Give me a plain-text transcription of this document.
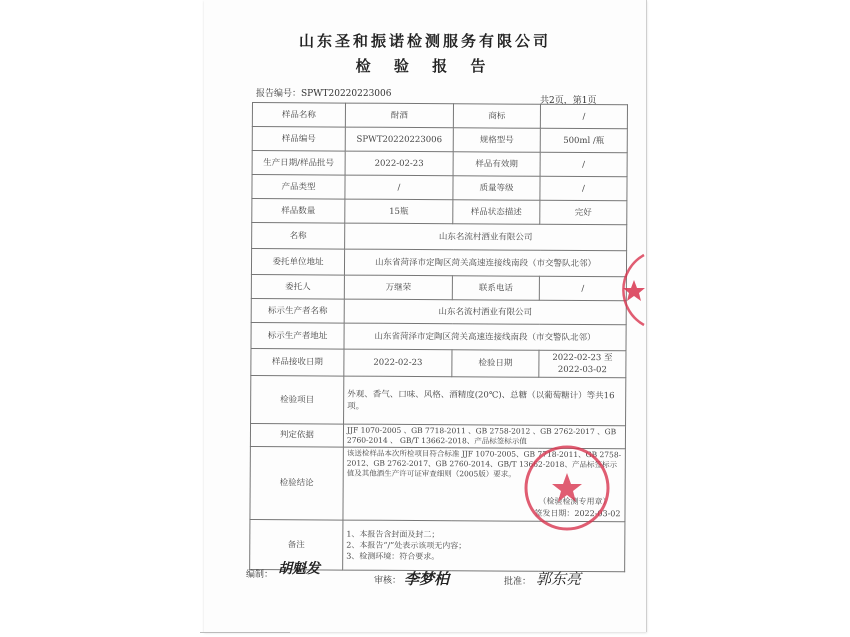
山东圣和振诺检测服务有限公司
检 验 报 告
报告编号：SPWT20220223006
共2页，第1页
样品名称	酎酒	商标	/
样品编号	SPWT20220223006	规格型号	500ml /瓶
生产日期/样品批号	2022-02-23	样品有效期	/
产品类型	/	质量等级	/
样品数量	15瓶	样品状态描述	完好
名称	山东名流村酒业有限公司		
委托单位地址	山东省菏泽市定陶区菏关高速连接线南段（市交警队北邻）		
委托人	万继荣	联系电话	/
标示生产者名称	山东名流村酒业有限公司		
标示生产者地址	山东省菏泽市定陶区菏关高速连接线南段（市交警队北邻）		
样品接收日期	2022-02-23	检验日期	2022-02-23 至 2022-03-02
检验项目	外观、香气、口味、风格、酒精度(20℃)、总糖（以葡萄糖计）等共16项。		
判定依据	JJF 1070-2005 、GB 7718-2011 、GB 2758-2012 、GB 2762-2017 、GB 2760-2014 、 GB/T 13662-2018、产品标签标示值		
检验结论	该送检样品本次所检项目符合标准 JJF 1070-2005、GB 7718-2011、GB 2758-2012、GB 2762-2017、GB 2760-2014、GB/T 13662-2018、产品标签标示值及其他酒生产许可证审查细则（2005版）要求。
（检验检测专用章）
签发日期：2022-03-02		

备注	1、本报告含封面及封二；
2、本报告“/”处表示该项无内容；
3、检测环境：符合要求。		
编制： 胡魁发
审核： 李梦柏	批准： 郭东亮
